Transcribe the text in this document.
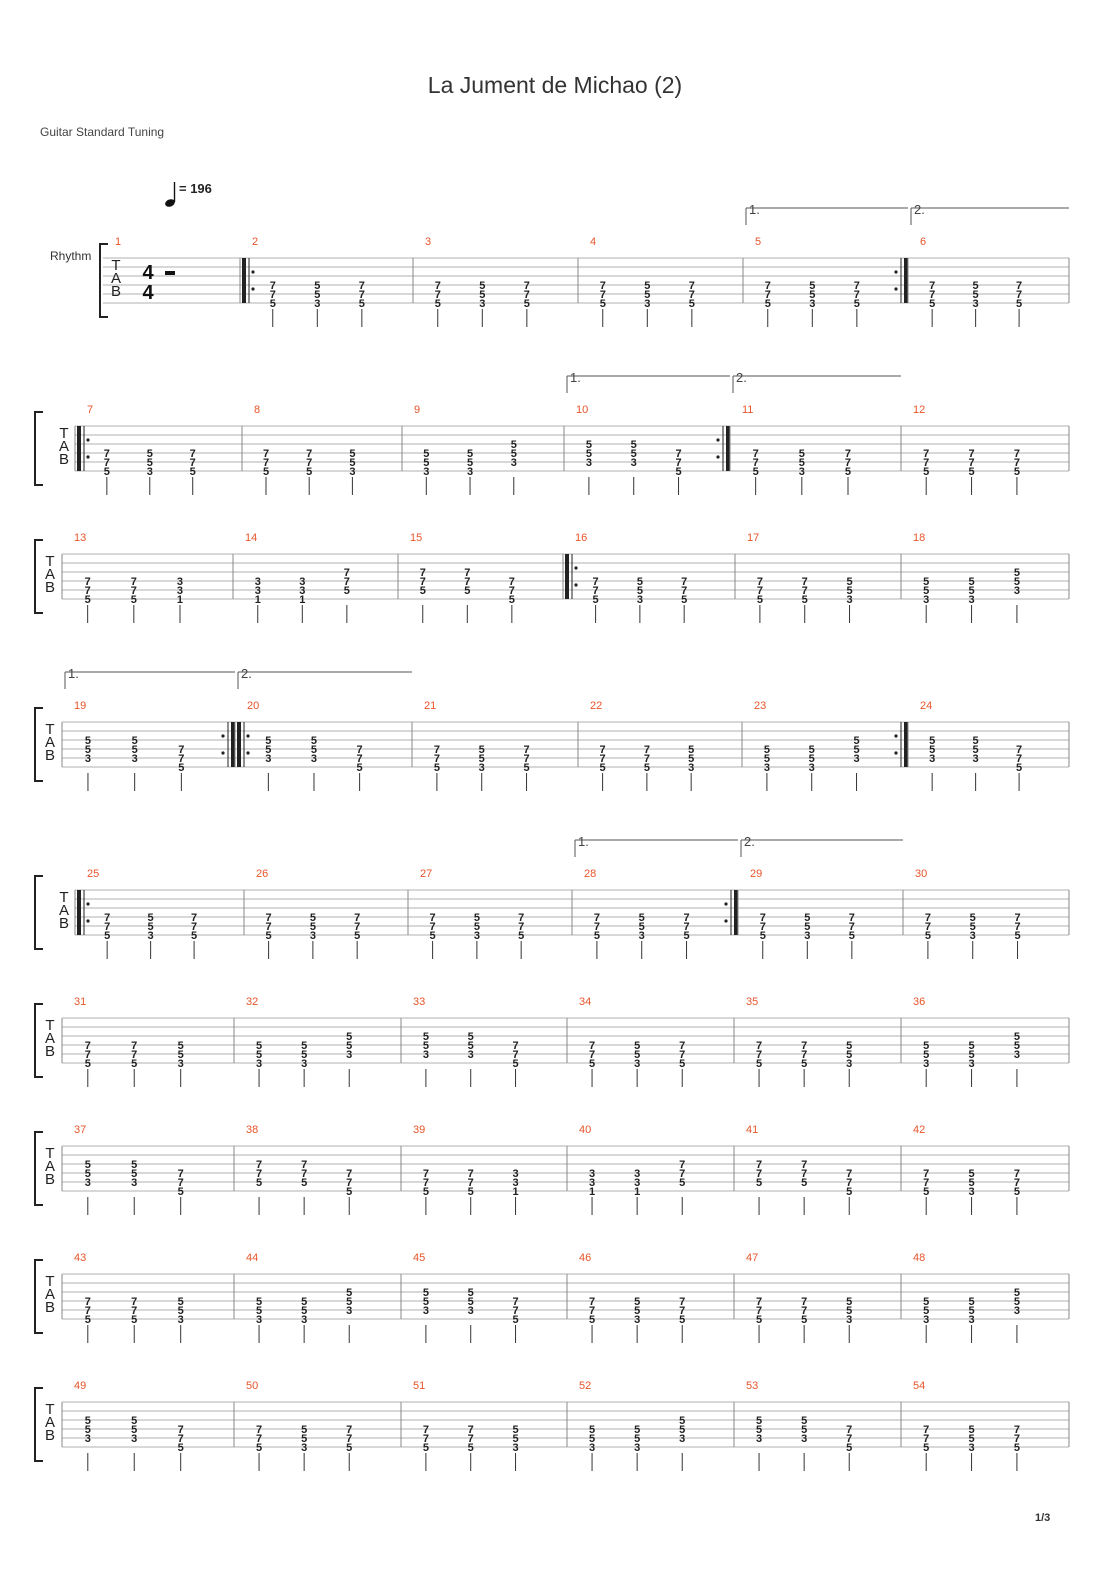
La Jument de Michao (2)
Guitar Standard Tuning
T
A
B
1
4
4
2
7
7
5
5
5
3
7
7
5
3
7
7
5
5
5
3
7
7
5
4
7
7
5
5
5
3
7
7
5
5
1.
7
7
5
5
5
3
7
7
5
6
2.
7
7
5
5
5
3
7
7
5
T
A
B
7
7
7
5
5
5
3
7
7
5
8
7
7
5
7
7
5
5
5
3
9
5
5
3
5
5
3
5
5
3
10
1.
5
5
3
5
5
3
7
7
5
11
2.
7
7
5
5
5
3
7
7
5
12
7
7
5
7
7
5
7
7
5
T
A
B
13
7
7
5
7
7
5
3
3
1
14
3
3
1
3
3
1
7
7
5
15
7
7
5
7
7
5
7
7
5
16
7
7
5
5
5
3
7
7
5
17
7
7
5
7
7
5
5
5
3
18
5
5
3
5
5
3
5
5
3
T
A
B
19
1.
5
5
3
5
5
3
7
7
5
20
2.
5
5
3
5
5
3
7
7
5
21
7
7
5
5
5
3
7
7
5
22
7
7
5
7
7
5
5
5
3
23
5
5
3
5
5
3
5
5
3
24
5
5
3
5
5
3
7
7
5
T
A
B
25
7
7
5
5
5
3
7
7
5
26
7
7
5
5
5
3
7
7
5
27
7
7
5
5
5
3
7
7
5
28
1.
7
7
5
5
5
3
7
7
5
29
2.
7
7
5
5
5
3
7
7
5
30
7
7
5
5
5
3
7
7
5
T
A
B
31
7
7
5
7
7
5
5
5
3
32
5
5
3
5
5
3
5
5
3
33
5
5
3
5
5
3
7
7
5
34
7
7
5
5
5
3
7
7
5
35
7
7
5
7
7
5
5
5
3
36
5
5
3
5
5
3
5
5
3
T
A
B
37
5
5
3
5
5
3
7
7
5
38
7
7
5
7
7
5
7
7
5
39
7
7
5
7
7
5
3
3
1
40
3
3
1
3
3
1
7
7
5
41
7
7
5
7
7
5
7
7
5
42
7
7
5
5
5
3
7
7
5
T
A
B
43
7
7
5
7
7
5
5
5
3
44
5
5
3
5
5
3
5
5
3
45
5
5
3
5
5
3
7
7
5
46
7
7
5
5
5
3
7
7
5
47
7
7
5
7
7
5
5
5
3
48
5
5
3
5
5
3
5
5
3
T
A
B
49
5
5
3
5
5
3
7
7
5
50
7
7
5
5
5
3
7
7
5
51
7
7
5
7
7
5
5
5
3
52
5
5
3
5
5
3
5
5
3
53
5
5
3
5
5
3
7
7
5
54
7
7
5
5
5
3
7
7
5
Rhythm
= 196
1/3
